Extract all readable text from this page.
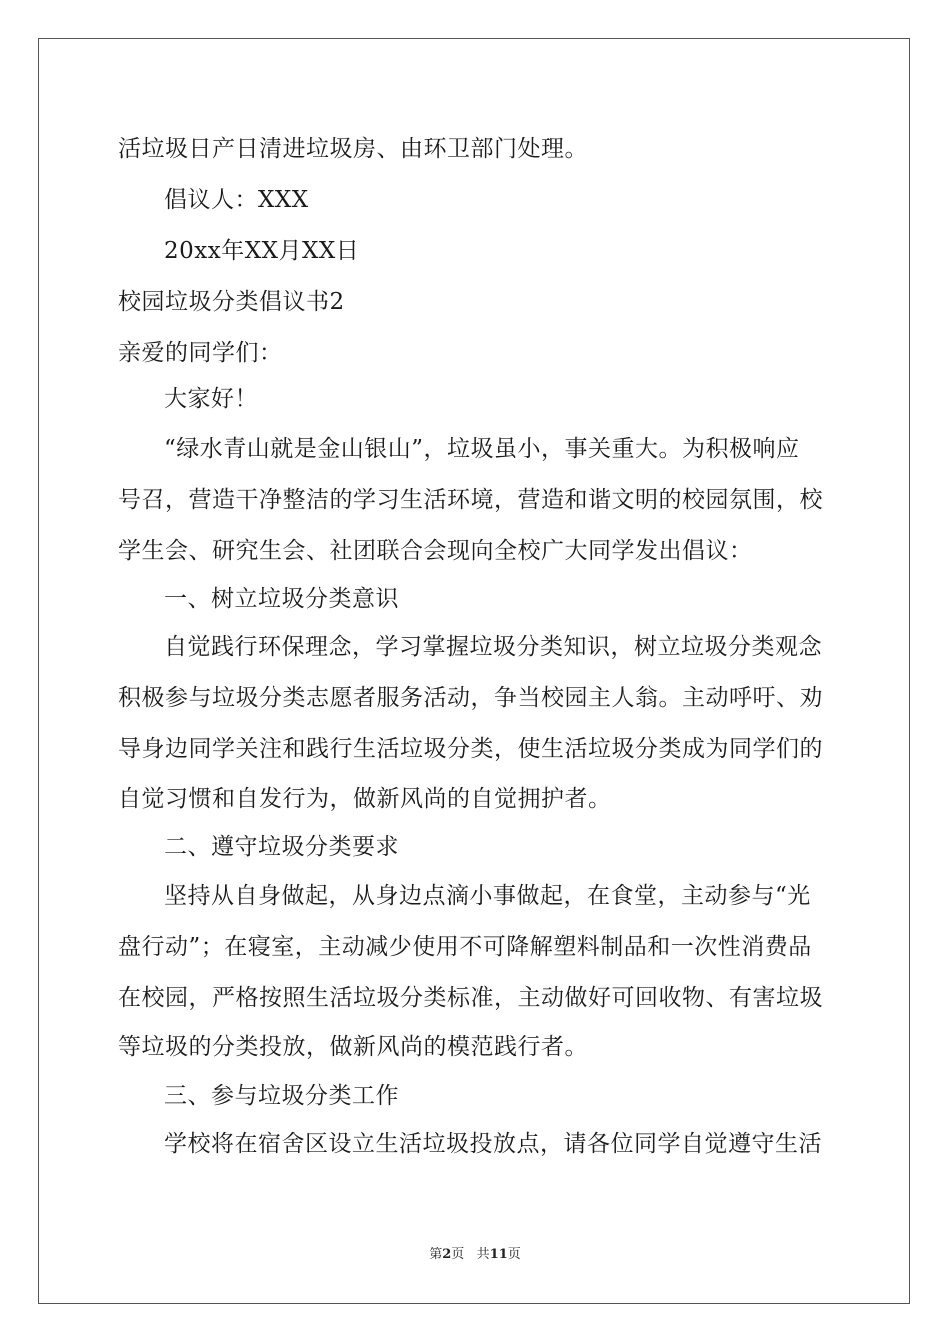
活垃圾日产日清进垃圾房、由环卫部门处理。
倡议人：XXX
20xx年XX月XX日
校园垃圾分类倡议书2
亲爱的同学们：
大家好！
“绿水青山就是金山银山”，垃圾虽小，事关重大。为积极响应
号召，营造干净整洁的学习生活环境，营造和谐文明的校园氛围，校
学生会、研究生会、社团联合会现向全校广大同学发出倡议：
一、树立垃圾分类意识
自觉践行环保理念，学习掌握垃圾分类知识，树立垃圾分类观念
积极参与垃圾分类志愿者服务活动，争当校园主人翁。主动呼吁、劝
导身边同学关注和践行生活垃圾分类，使生活垃圾分类成为同学们的
自觉习惯和自发行为，做新风尚的自觉拥护者。
二、遵守垃圾分类要求
坚持从自身做起，从身边点滴小事做起，在食堂，主动参与“光
盘行动”；在寝室，主动减少使用不可降解塑料制品和一次性消费品
在校园，严格按照生活垃圾分类标准，主动做好可回收物、有害垃圾
等垃圾的分类投放，做新风尚的模范践行者。
三、参与垃圾分类工作
学校将在宿舍区设立生活垃圾投放点，请各位同学自觉遵守生活
第2页 共11页
